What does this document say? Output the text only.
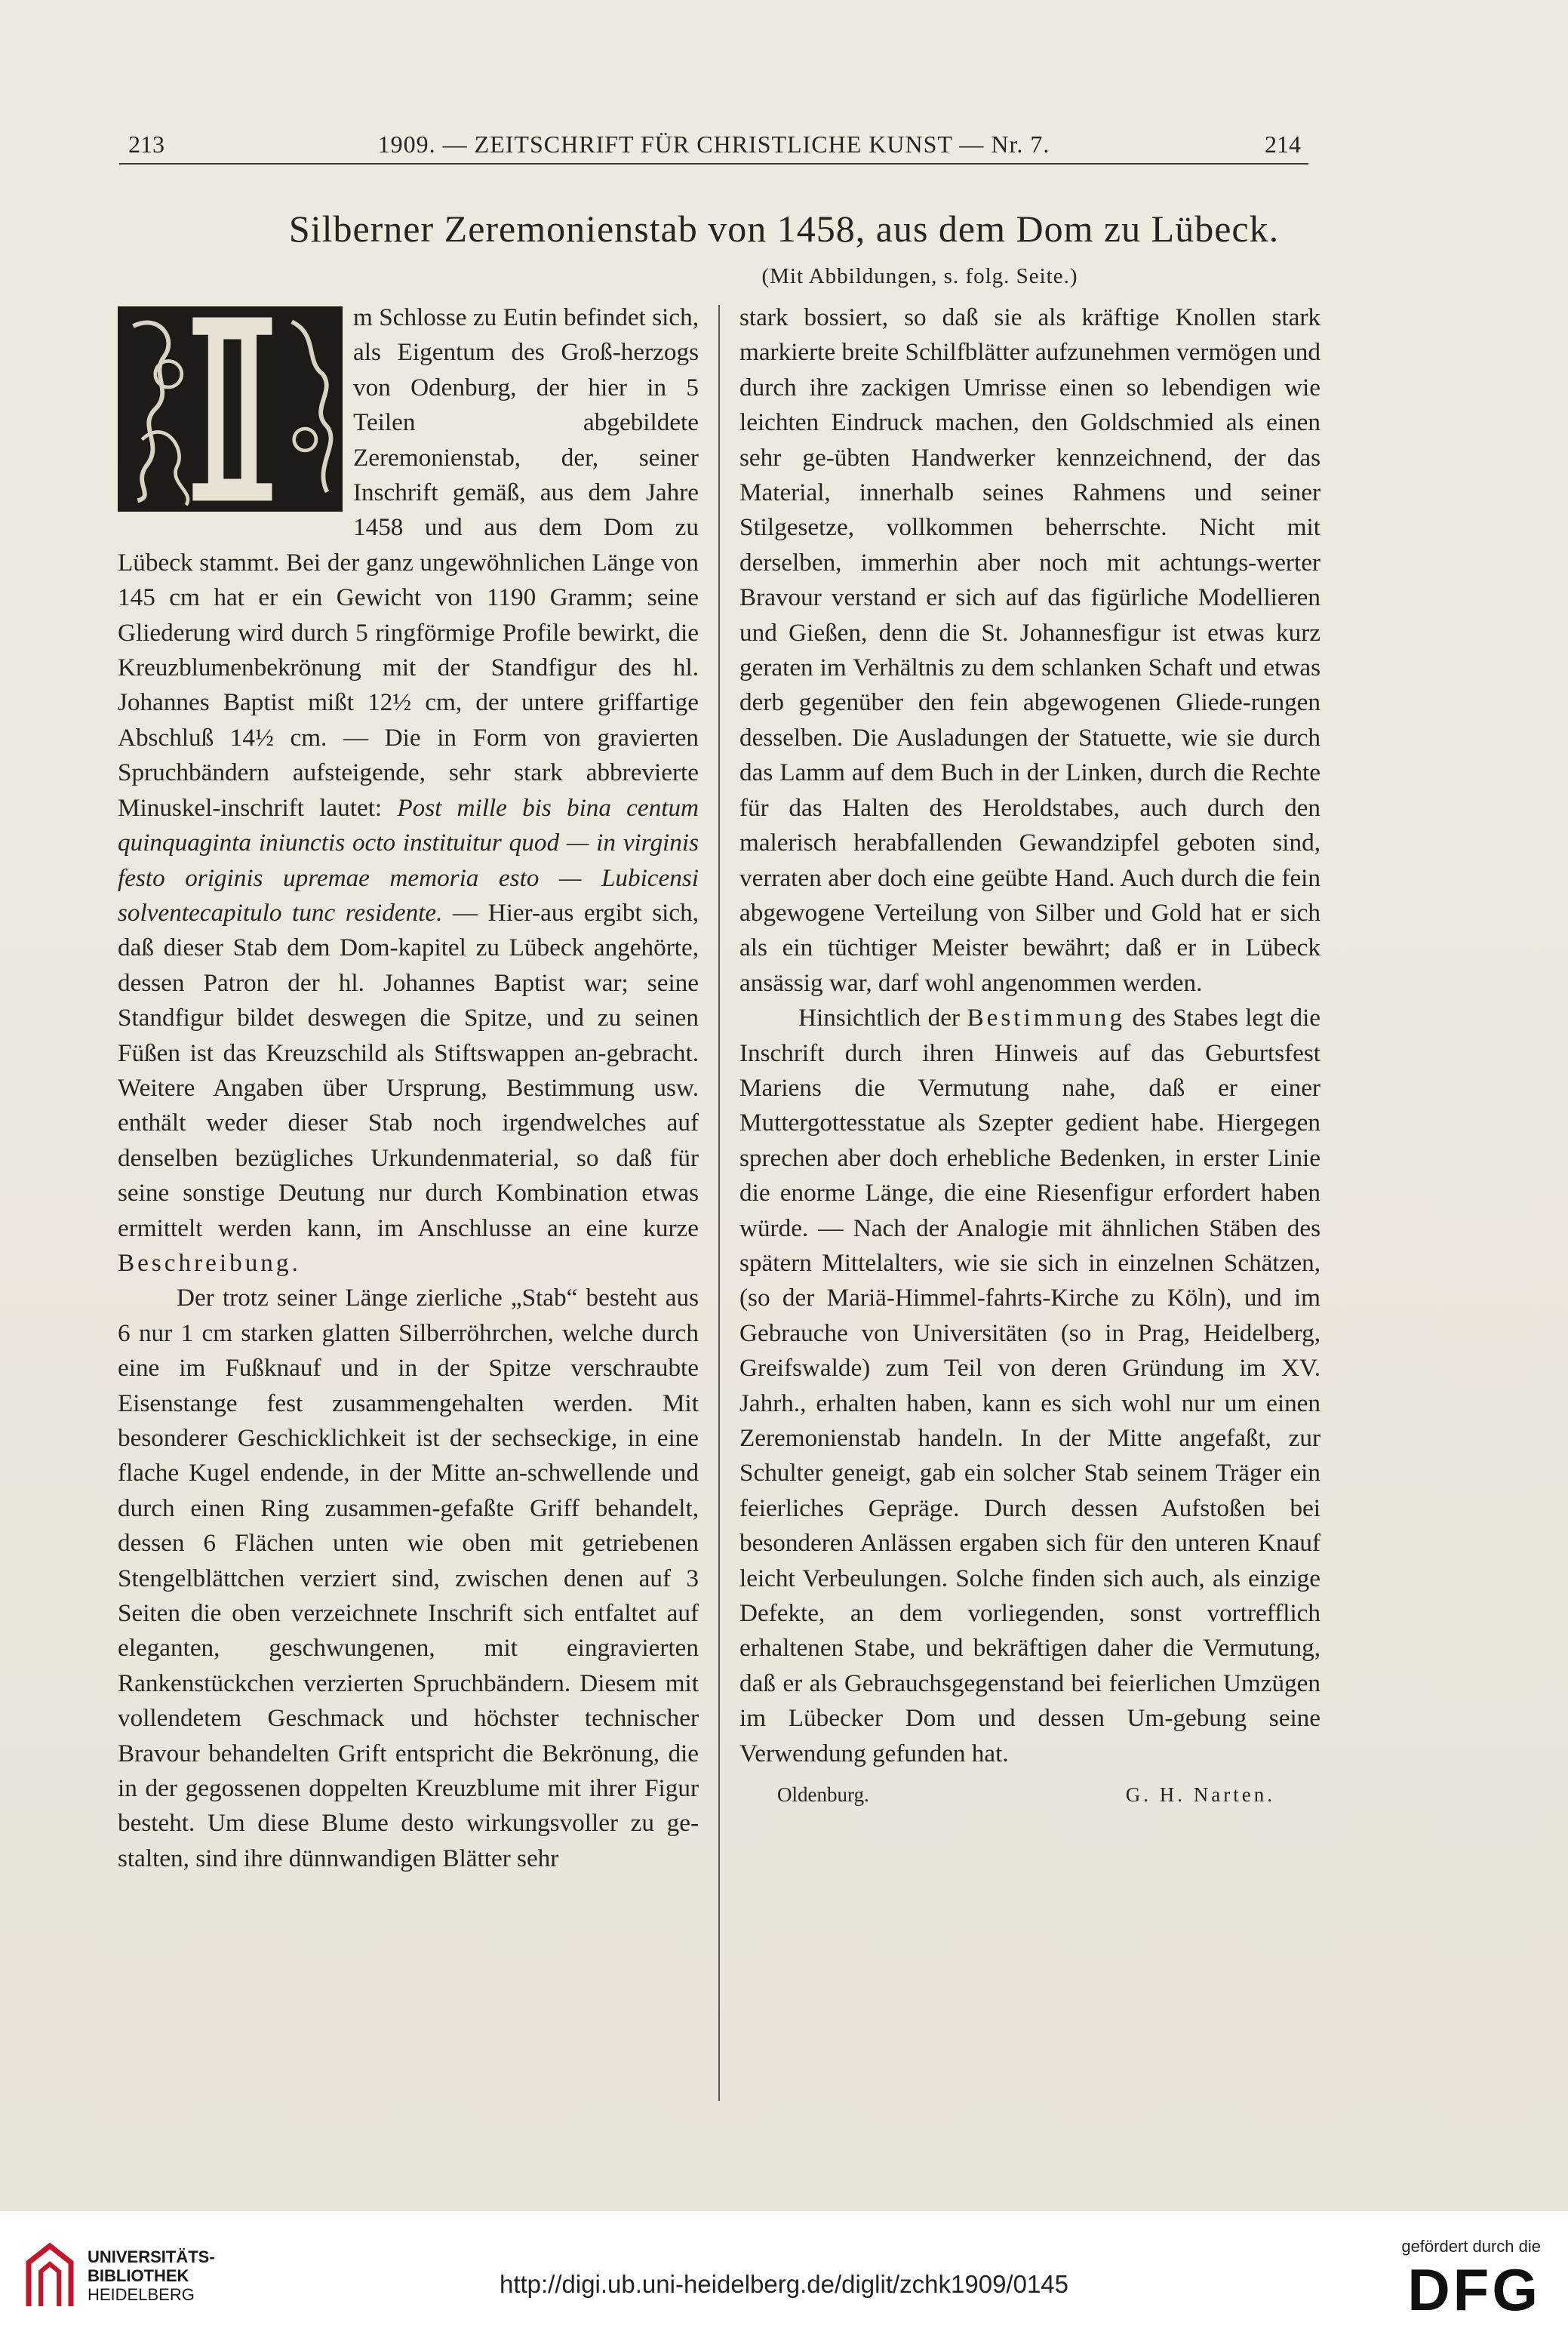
213	1909. — ZEITSCHRIFT FÜR CHRISTLICHE KUNST — Nr. 7.	214
Silberner Zeremonienstab von 1458, aus dem Dom zu Lübeck.
(Mit Abbildungen, s. folg. Seite.)

m Schlosse zu Eutin befindet sich, als Eigentum des Groß-herzogs von Odenburg, der hier in 5 Teilen abgebildete Zeremonienstab, der, seiner Inschrift gemäß, aus dem Jahre 1458 und aus dem Dom zu Lübeck stammt. Bei der ganz ungewöhnlichen Länge von 145 cm hat er ein Gewicht von 1190 Gramm; seine Gliederung wird durch 5 ringförmige Profile bewirkt, die Kreuzblumenbekrönung mit der Standfigur des hl. Johannes Baptist mißt 12½ cm, der untere griffartige Abschluß 14½ cm. — Die in Form von gravierten Spruchbändern aufsteigende, sehr stark abbrevierte Minuskel-inschrift lautet: Post mille bis bina centum quinquaginta iniunctis octo instituitur quod — in virginis festo originis upremae memoria esto — Lubicensi solventecapitulo tunc residente. — Hier-aus ergibt sich, daß dieser Stab dem Dom-kapitel zu Lübeck angehörte, dessen Patron der hl. Johannes Baptist war; seine Standfigur bildet deswegen die Spitze, und zu seinen Füßen ist das Kreuzschild als Stiftswappen an-gebracht. Weitere Angaben über Ursprung, Bestimmung usw. enthält weder dieser Stab noch irgendwelches auf denselben bezügliches Urkundenmaterial, so daß für seine sonstige Deutung nur durch Kombination etwas ermittelt werden kann, im Anschlusse an eine kurze Beschreibung.

Der trotz seiner Länge zierliche „Stab“ besteht aus 6 nur 1 cm starken glatten Silberröhrchen, welche durch eine im Fußknauf und in der Spitze verschraubte Eisenstange fest zusammengehalten werden. Mit besonderer Geschicklichkeit ist der sechseckige, in eine flache Kugel endende, in der Mitte an-schwellende und durch einen Ring zusammen-gefaßte Griff behandelt, dessen 6 Flächen unten wie oben mit getriebenen Stengelblättchen verziert sind, zwischen denen auf 3 Seiten die oben verzeichnete Inschrift sich entfaltet auf eleganten, geschwungenen, mit eingravierten Rankenstückchen verzierten Spruchbändern. Diesem mit vollendetem Geschmack und höchster technischer Bravour behandelten Grift entspricht die Bekrönung, die in der gegossenen doppelten Kreuzblume mit ihrer Figur besteht. Um diese Blume desto wirkungsvoller zu ge-stalten, sind ihre dünnwandigen Blätter sehr

stark bossiert, so daß sie als kräftige Knollen stark markierte breite Schilfblätter aufzunehmen vermögen und durch ihre zackigen Umrisse einen so lebendigen wie leichten Eindruck machen, den Goldschmied als einen sehr ge-übten Handwerker kennzeichnend, der das Material, innerhalb seines Rahmens und seiner Stilgesetze, vollkommen beherrschte. Nicht mit derselben, immerhin aber noch mit achtungs-werter Bravour verstand er sich auf das figürliche Modellieren und Gießen, denn die St. Johannesfigur ist etwas kurz geraten im Verhältnis zu dem schlanken Schaft und etwas derb gegenüber den fein abgewogenen Gliede-rungen desselben. Die Ausladungen der Statuette, wie sie durch das Lamm auf dem Buch in der Linken, durch die Rechte für das Halten des Heroldstabes, auch durch den malerisch herabfallenden Gewandzipfel geboten sind, verraten aber doch eine geübte Hand. Auch durch die fein abgewogene Verteilung von Silber und Gold hat er sich als ein tüchtiger Meister bewährt; daß er in Lübeck ansässig war, darf wohl angenommen werden.

Hinsichtlich der Bestimmung des Stabes legt die Inschrift durch ihren Hinweis auf das Geburtsfest Mariens die Vermutung nahe, daß er einer Muttergottesstatue als Szepter gedient habe. Hiergegen sprechen aber doch erhebliche Bedenken, in erster Linie die enorme Länge, die eine Riesenfigur erfordert haben würde. — Nach der Analogie mit ähnlichen Stäben des spätern Mittelalters, wie sie sich in einzelnen Schätzen, (so der Mariä-Himmel-fahrts-Kirche zu Köln), und im Gebrauche von Universitäten (so in Prag, Heidelberg, Greifswalde) zum Teil von deren Gründung im XV. Jahrh., erhalten haben, kann es sich wohl nur um einen Zeremonienstab handeln. In der Mitte angefaßt, zur Schulter geneigt, gab ein solcher Stab seinem Träger ein feierliches Gepräge. Durch dessen Aufstoßen bei besonderen Anlässen ergaben sich für den unteren Knauf leicht Verbeulungen. Solche finden sich auch, als einzige Defekte, an dem vorliegenden, sonst vortrefflich erhaltenen Stabe, und bekräftigen daher die Vermutung, daß er als Gebrauchsgegenstand bei feierlichen Umzügen im Lübecker Dom und dessen Um-gebung seine Verwendung gefunden hat.

Oldenburg.	G. H. Narten.
UNIVERSITÄTS-
BIBLIOTHEK
HEIDELBERG	http://digi.ub.uni-heidelberg.de/diglit/zchk1909/0145
gefördert durch die
DFG
